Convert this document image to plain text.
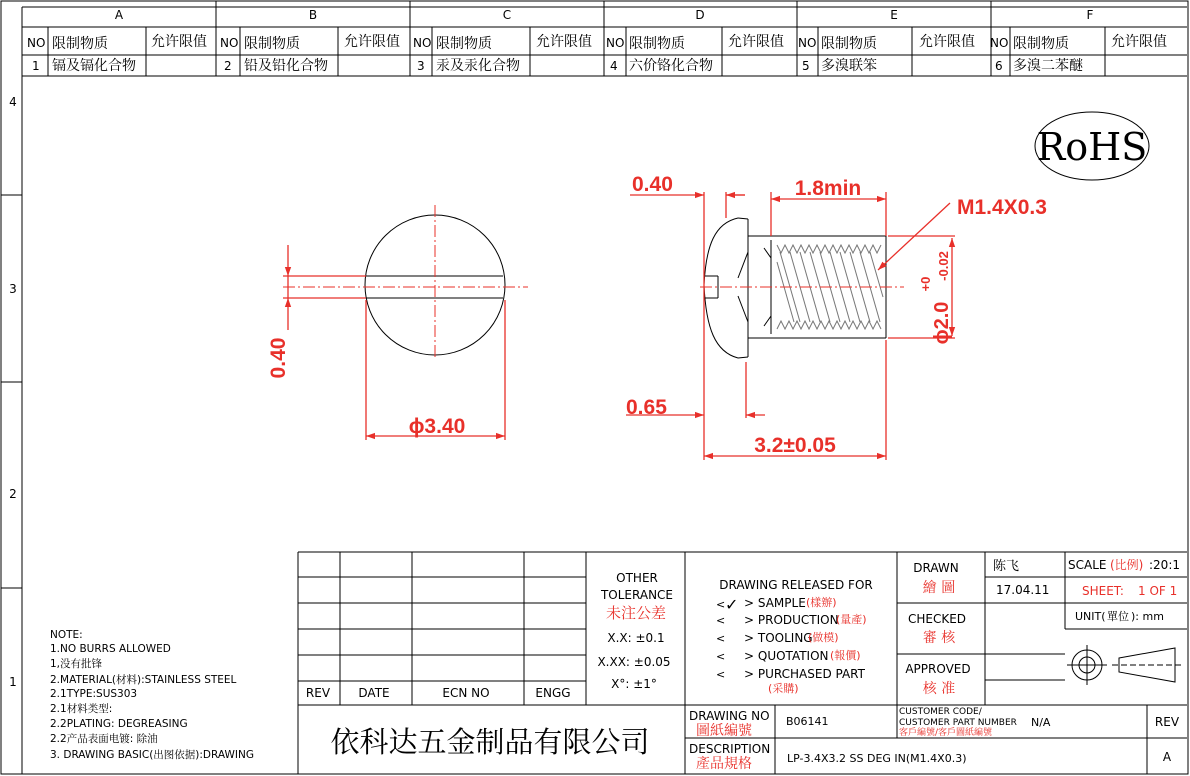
A	B	C	D	E	F
4
3
2
1
NO 限制物质	允许限值 NO 限制物质	允许限值 NO 限制物质	允许限值 NO 限制物质	允许限值 NO 限制物质	允许限值 NO 限制物质	允许限值
1 镉及镉化合物	2 铅及铅化合物	3 汞及汞化合物	4 六价铬化合物	5 多溴联笨	6 多溴二苯醚
RoHS
0.40
ϕ3.40
0.40	1.8min
M1.4X0.3
ϕ2.0
+0
-0.02
0.65
3.2±0.05
NOTE:
1.NO BURRS ALLOWED
1,没有批锋
2.MATERIAL(材料):STAINLESS STEEL
2.1TYPE:SUS303
2.1材料类型:
2.2PLATING: DEGREASING
2.2产品表面电镀: 除油
3. DRAWING BASIC(出图依据):DRAWING
REV DATE	ECN NO	ENGG
OTHER
TOLERANCE
未注公差
X.X: ±0.1
X.XX: ±0.05
X°: ±1°
DRAWING RELEASED FOR
< ✓ > SAMPLE (樣辦)
< > PRODUCTION
(量產)
< > TOOLING
(做模)
< > QUOTATION (報價)
< > PURCHASED PART
(采購)
DRAWN
繪 圖
陈飞
17.04.11
CHECKED
審 核
APPROVED
核 准
SCALE (比例) :20:1
SHEET: 1 OF 1
UNIT( 單位 ): mm
依科达五金制品有限公司
DRAWING NO
圖紙編號
B06141
CUSTOMER CODE/
CUSTOMER PART NUMBER
客戶編號/客戶圖紙編號
N/A	REV
A
DESCRIPTION
產品規格	LP-3.4X3.2 SS DEG IN(M1.4X0.3)
